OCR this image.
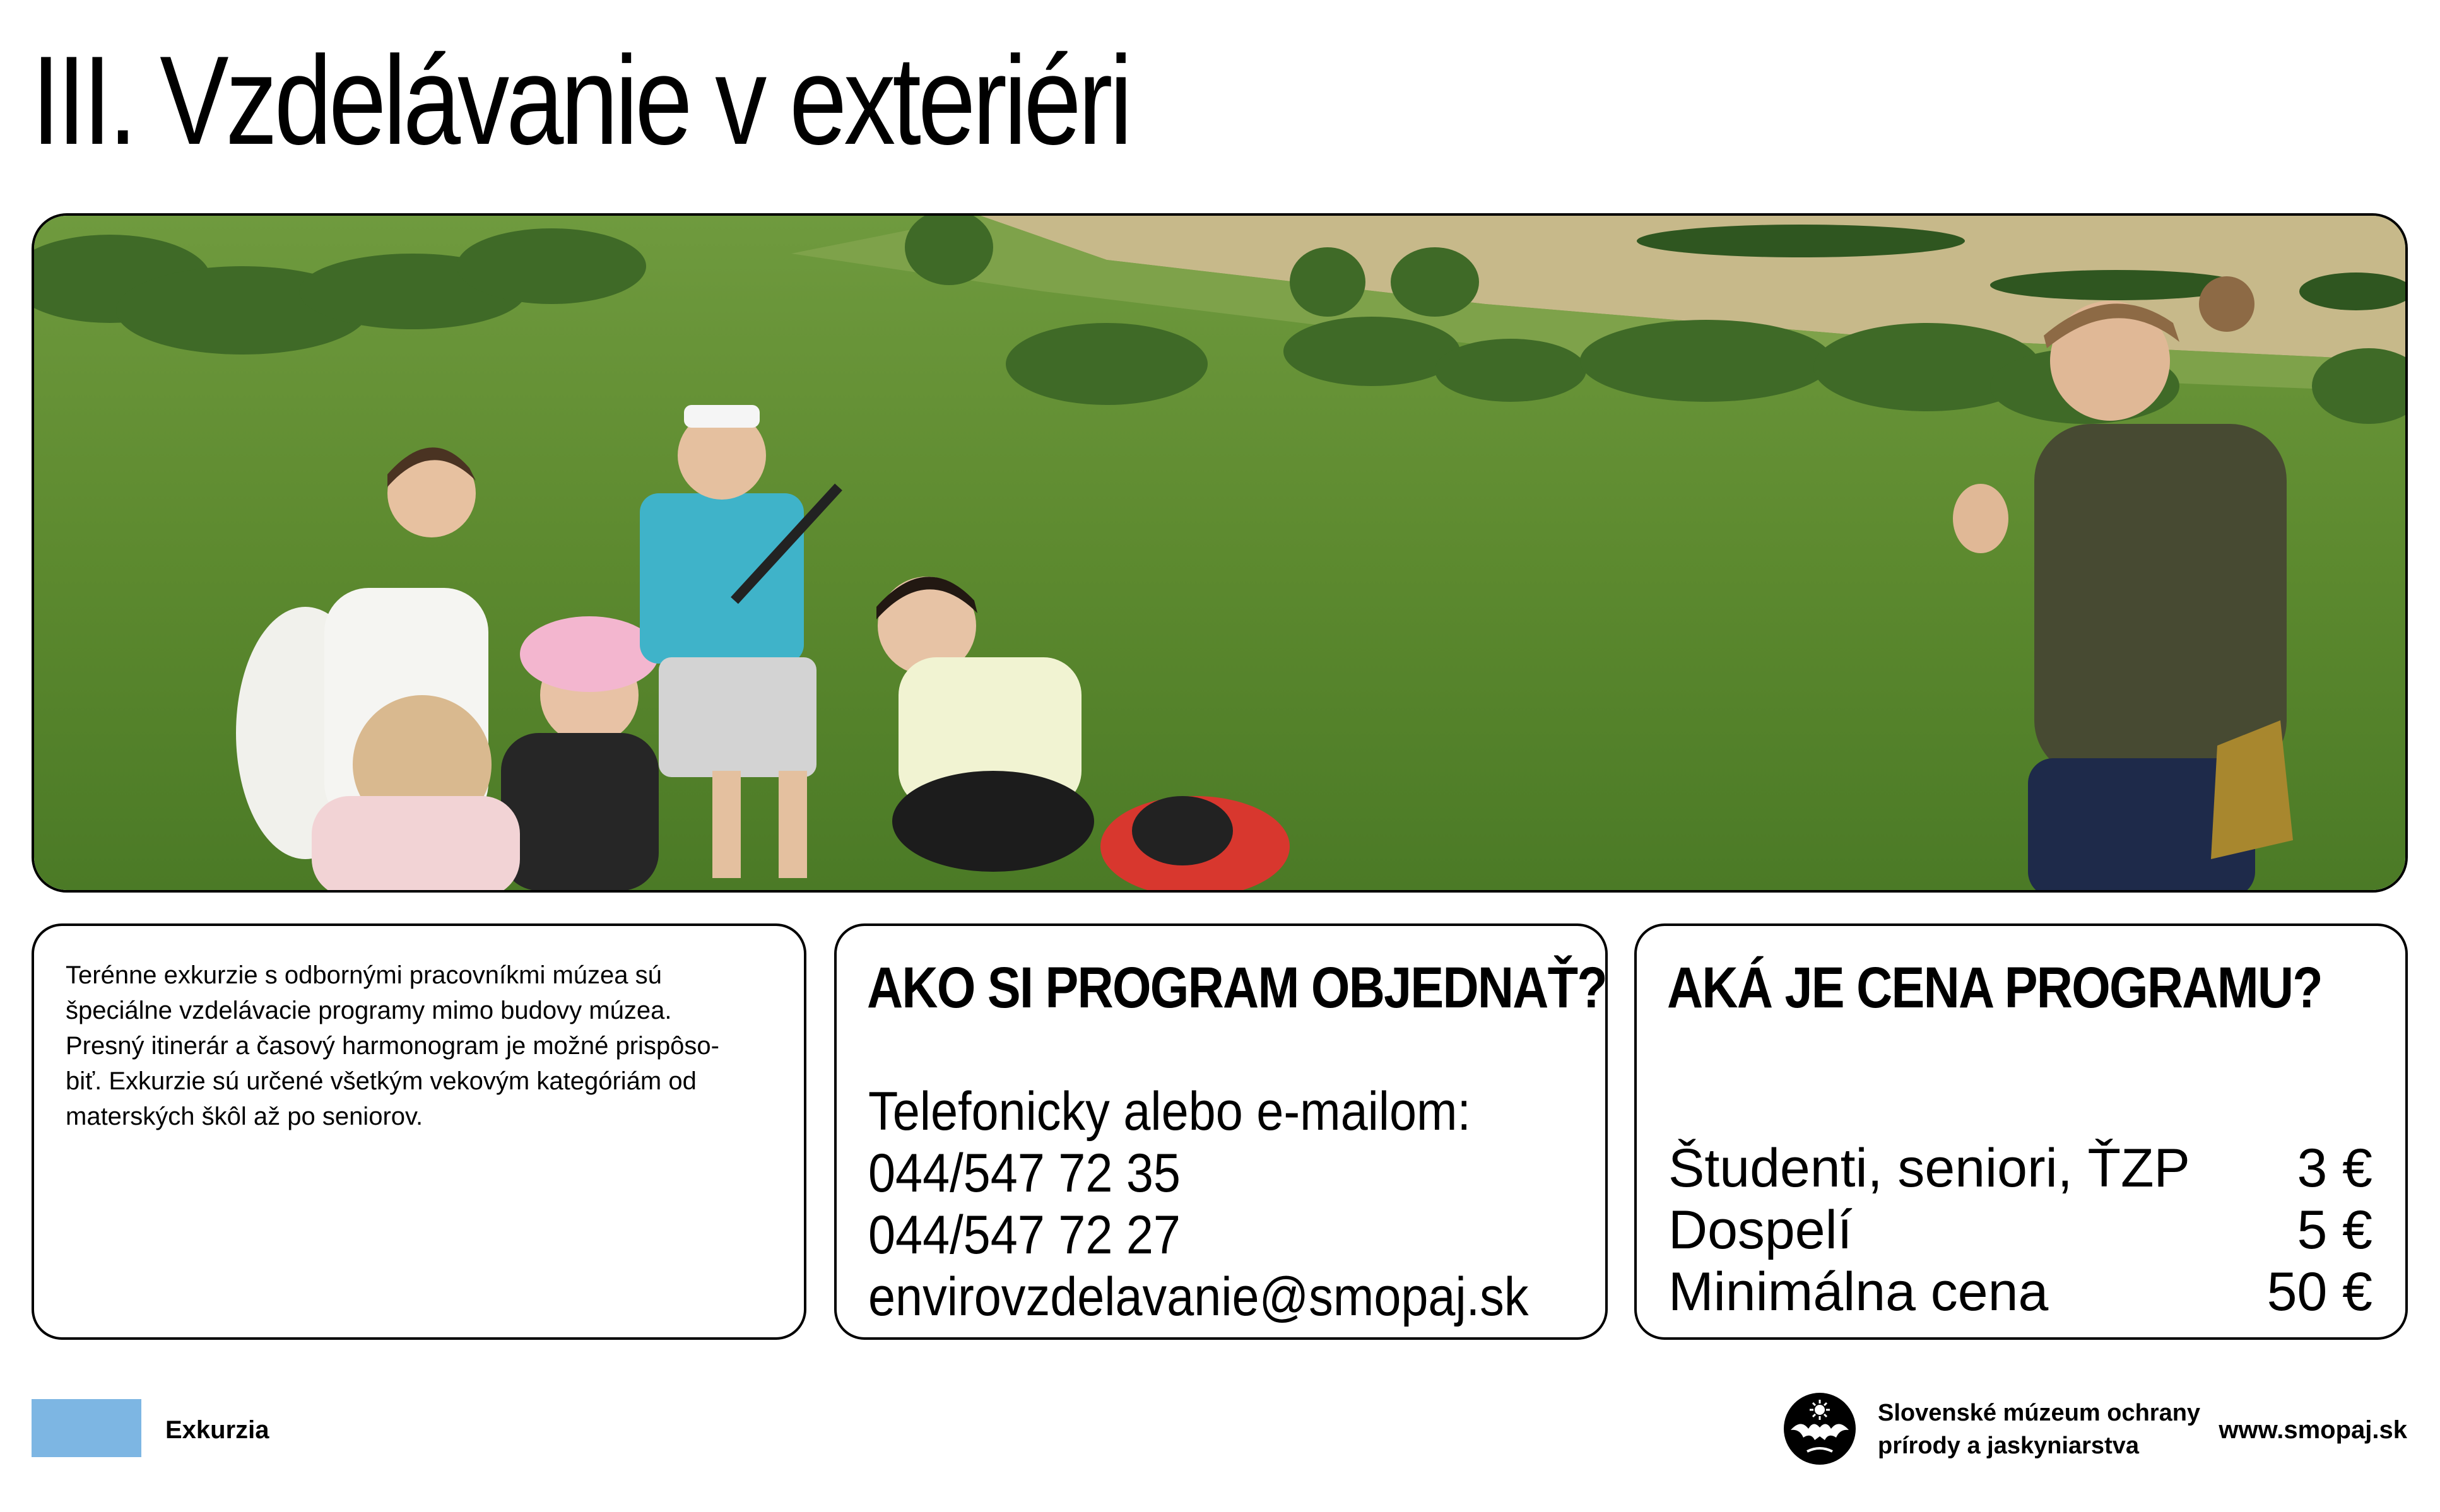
III. Vzdelávanie v exteriéri
Terénne exkurzie s odbornými pracovníkmi múzea sú
špeciálne vzdelávacie programy mimo budovy múzea.
Presný itinerár a časový harmonogram je možné prispôso-
biť. Exkurzie sú určené všetkým vekovým kategóriám od
materských škôl až po seniorov.
AKO SI PROGRAM OBJEDNAŤ?
Telefonicky alebo e-mailom:
044/547 72 35
044/547 72 27
envirovzdelavanie@smopaj.sk
AKÁ JE CENA PROGRAMU?
Študenti, seniori, ŤZP 3 €
Dospelí	5 €
Minimálna cena	50 €
Exkurzia
Slovenské múzeum ochrany
prírody a jaskyniarstva
www.smopaj.sk
